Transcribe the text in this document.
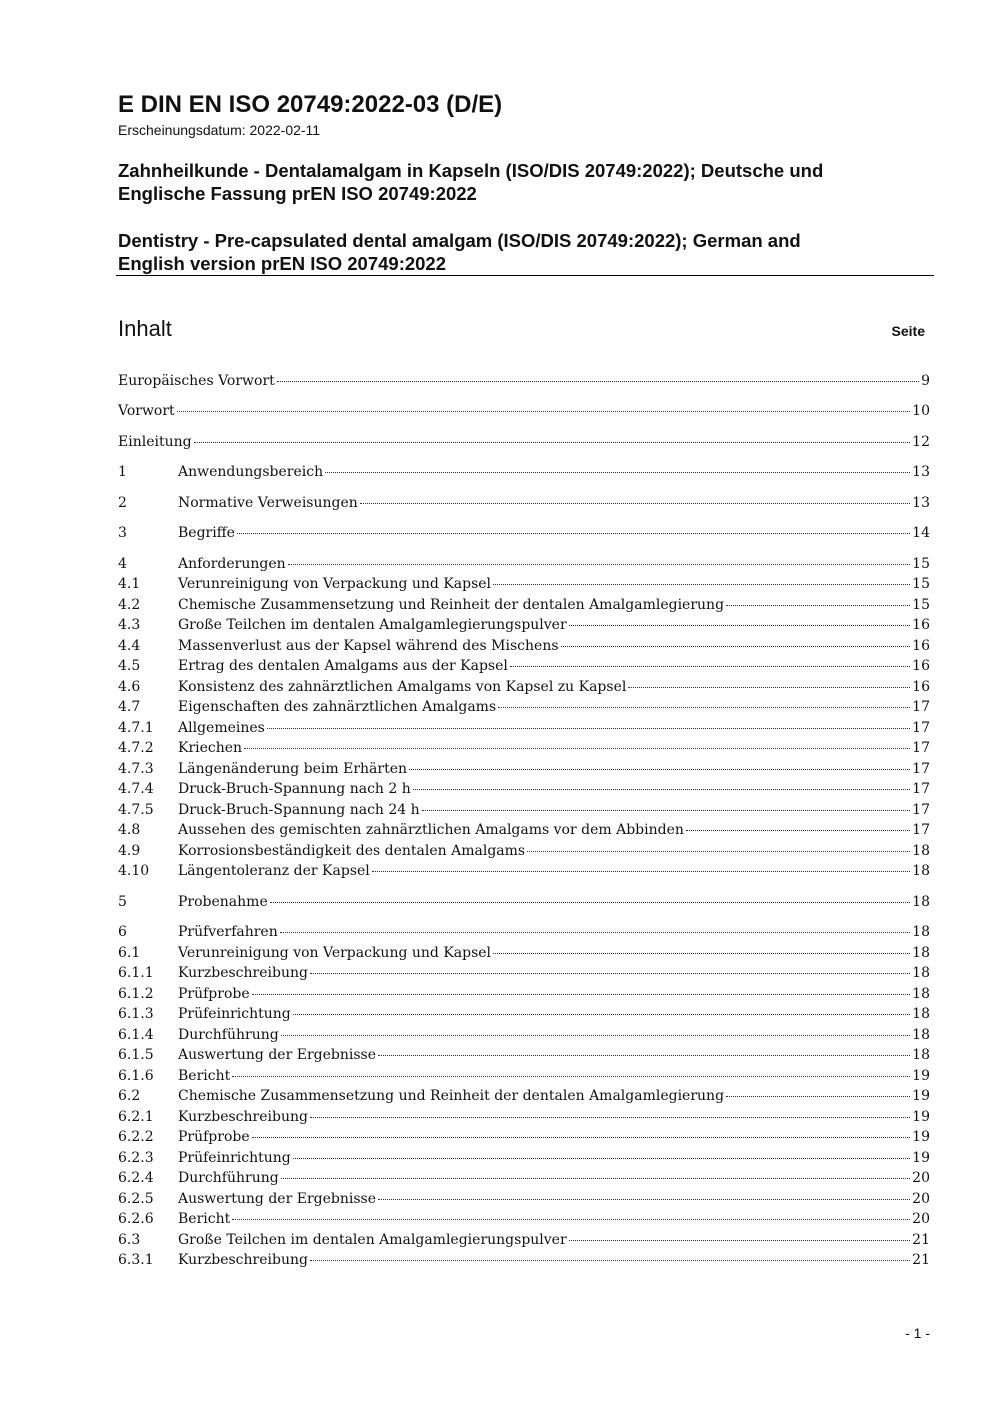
E DIN EN ISO 20749:2022-03 (D/E)
Erscheinungsdatum: 2022-02-11
Zahnheilkunde - Dentalamalgam in Kapseln (ISO/DIS 20749:2022); Deutsche und
Englische Fassung prEN ISO 20749:2022
Dentistry - Pre-capsulated dental amalgam (ISO/DIS 20749:2022); German and
English version prEN ISO 20749:2022
Inhalt	Seite
Europäisches Vorwort	9
Vorwort	10
Einleitung	12
1	Anwendungsbereich	13
2	Normative Verweisungen	13
3	Begriffe	14
4	Anforderungen	15
4.1	Verunreinigung von Verpackung und Kapsel	15
4.2	Chemische Zusammensetzung und Reinheit der dentalen Amalgamlegierung	15
4.3	Große Teilchen im dentalen Amalgamlegierungspulver	16
4.4	Massenverlust aus der Kapsel während des Mischens	16
4.5	Ertrag des dentalen Amalgams aus der Kapsel	16
4.6	Konsistenz des zahnärztlichen Amalgams von Kapsel zu Kapsel	16
4.7	Eigenschaften des zahnärztlichen Amalgams	17
4.7.1	Allgemeines	17
4.7.2	Kriechen	17
4.7.3	Längenänderung beim Erhärten	17
4.7.4	Druck-Bruch-Spannung nach 2 h	17
4.7.5	Druck-Bruch-Spannung nach 24 h	17
4.8	Aussehen des gemischten zahnärztlichen Amalgams vor dem Abbinden	17
4.9	Korrosionsbeständigkeit des dentalen Amalgams	18
4.10	Längentoleranz der Kapsel	18
5	Probenahme	18
6	Prüfverfahren	18
6.1	Verunreinigung von Verpackung und Kapsel	18
6.1.1	Kurzbeschreibung	18
6.1.2	Prüfprobe	18
6.1.3	Prüfeinrichtung	18
6.1.4	Durchführung	18
6.1.5	Auswertung der Ergebnisse	18
6.1.6	Bericht	19
6.2	Chemische Zusammensetzung und Reinheit der dentalen Amalgamlegierung	19
6.2.1	Kurzbeschreibung	19
6.2.2	Prüfprobe	19
6.2.3	Prüfeinrichtung	19
6.2.4	Durchführung	20
6.2.5	Auswertung der Ergebnisse	20
6.2.6	Bericht	20
6.3	Große Teilchen im dentalen Amalgamlegierungspulver	21
6.3.1	Kurzbeschreibung	21
- 1 -
